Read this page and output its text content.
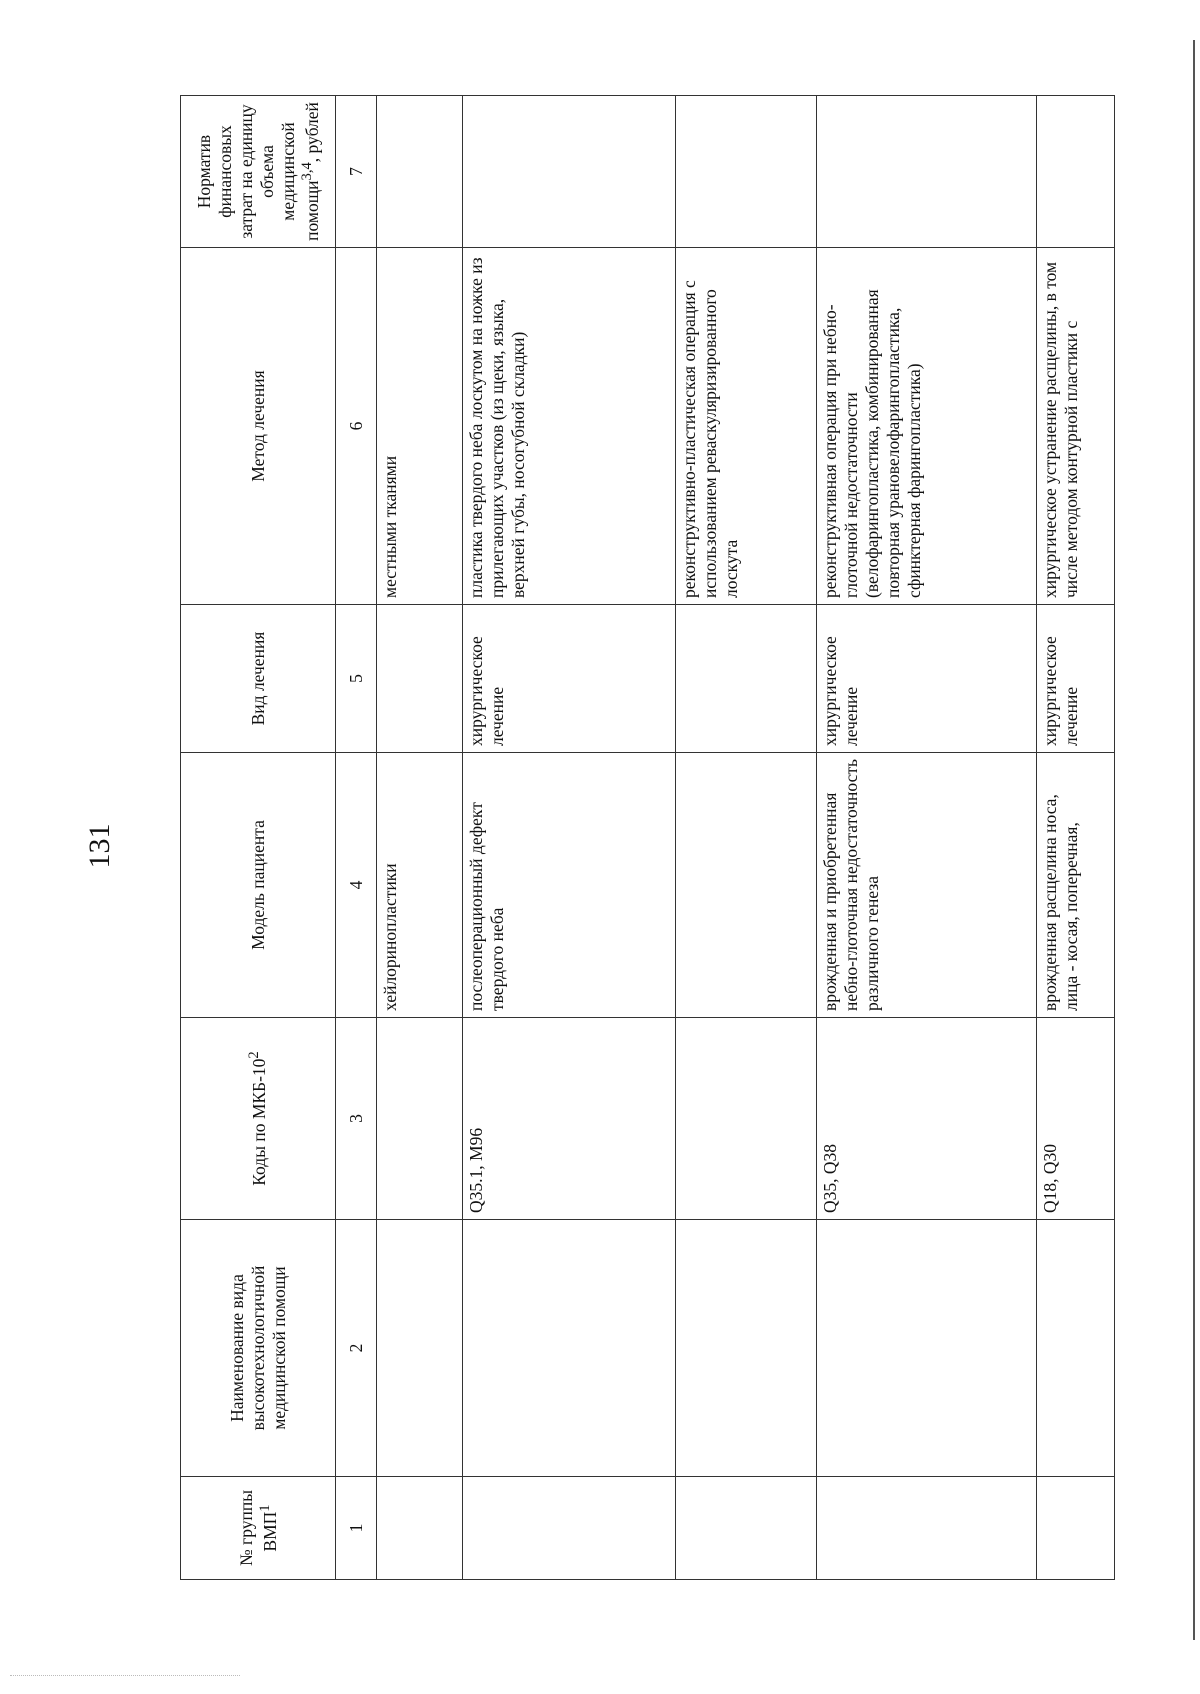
131
№ группы ВМП$^1$	Наименование вида высокотехнологичной медицинской помощи	Коды по МКБ-$10^2$	Модель пациента	Вид лечения	Метод лечения	Норматив финансовых затрат на единицу объема медицинской помощи$^{3,4}$, рублей
1	2	3	4	5	6	7
			хейлоринопластики		местными тканями	
		Q35.1, M96	послеоперационный дефект твердого неба	хирургическое лечение	пластика твердого неба лоскутом на ножке из прилегающих участков (из щеки, языка, верхней губы, носогубной складки)	
					реконструктивно-пластическая операция с использованием реваскуляризированного лоскута	
		Q35, Q38	врожденная и приобретенная небно-глоточная недостаточность различного генеза	хирургическое лечение	реконструктивная операция при небно-глоточной недостаточности (велофарингопластика, комбинированная повторная урановелофарингопластика, сфинктерная фарингопластика)	
		Q18, Q30	врожденная расщелина носа, лица - косая, поперечная,	хирургическое лечение	хирургическое устранение расщелины, в том числе методом контурной пластики с	
